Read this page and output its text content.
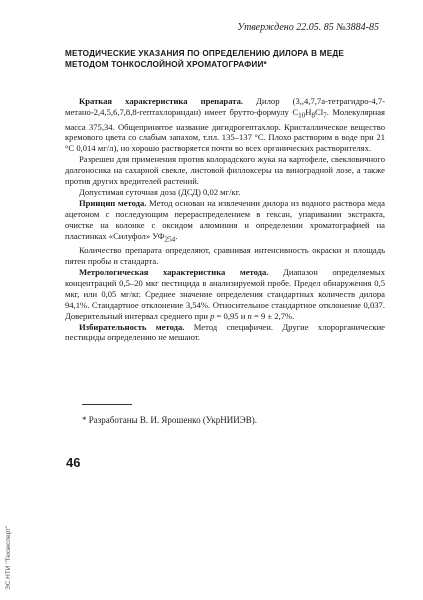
Утверждено 22.05. 85 №3884-85
МЕТОДИЧЕСКИЕ УКАЗАНИЯ ПО ОПРЕДЕЛЕНИЮ ДИЛОРА В МЕДЕ МЕТОДОМ ТОНКОСЛОЙНОЙ ХРОМАТОГРАФИИ*

Краткая характеристика препарата. Дилор (3,,4,7,7а-тетрагидро-4,7-метано-2,4,5,6,7,8,8-гептахлориндан) имеет брутто-формулу $C_{10}H_8Cl_7$. Молекулярная масса 375,34. Общепринятое название дигидрогептахлор. Кристаллическое вещество кремового цвета со слабым запахом, т.пл. 135–137 °С. Плохо растворим в воде при 21 °С 0,014 мг/л), но хорошо растворяется почти во всех органических растворителях.

Разрешен для применения против колорадского жука на картофеле, свекловичного долгоносика на сахарной свекле, листовой филлоксеры на виноградной лозе, а также против других вредителей растений.

Допустимая суточная доза (ДСД) 0,02 мг/кг.

Принцип метода. Метод основан на извлечении дилора из водного раствора меда ацетоном с последующим перераспределением в гексан, упаривании экстракта, очистке на колонке с оксидом алюминия и определении хроматографией на пластинках «Силуфол» $УФ_{254}$.

Количество препарата определяют, сравнивая интенсивность окраски и площадь пятен пробы и стандарта.

Метрологическая характеристика метода. Диапазон определяемых концентраций 0,5–20 мкг пестицида в анализируемой пробе. Предел обнаружения 0,5 мкг, или 0,05 мг/кг. Среднее значение определения стандартных количеств дилора 94,1%. Стандартное отклонение 3,54%. Относительное стандартное отклонение 0,037. Доверительный интервал среднего при p = 0,95 и n = 9 ± 2,7%.

Избирательность метода. Метод специфичен. Другие хлорорганические пестициды определению не мешают.

* Разработаны В. И. Ярошенко (УкрНИИЭВ).
46
ЭС НТИ "Техэксперт"
